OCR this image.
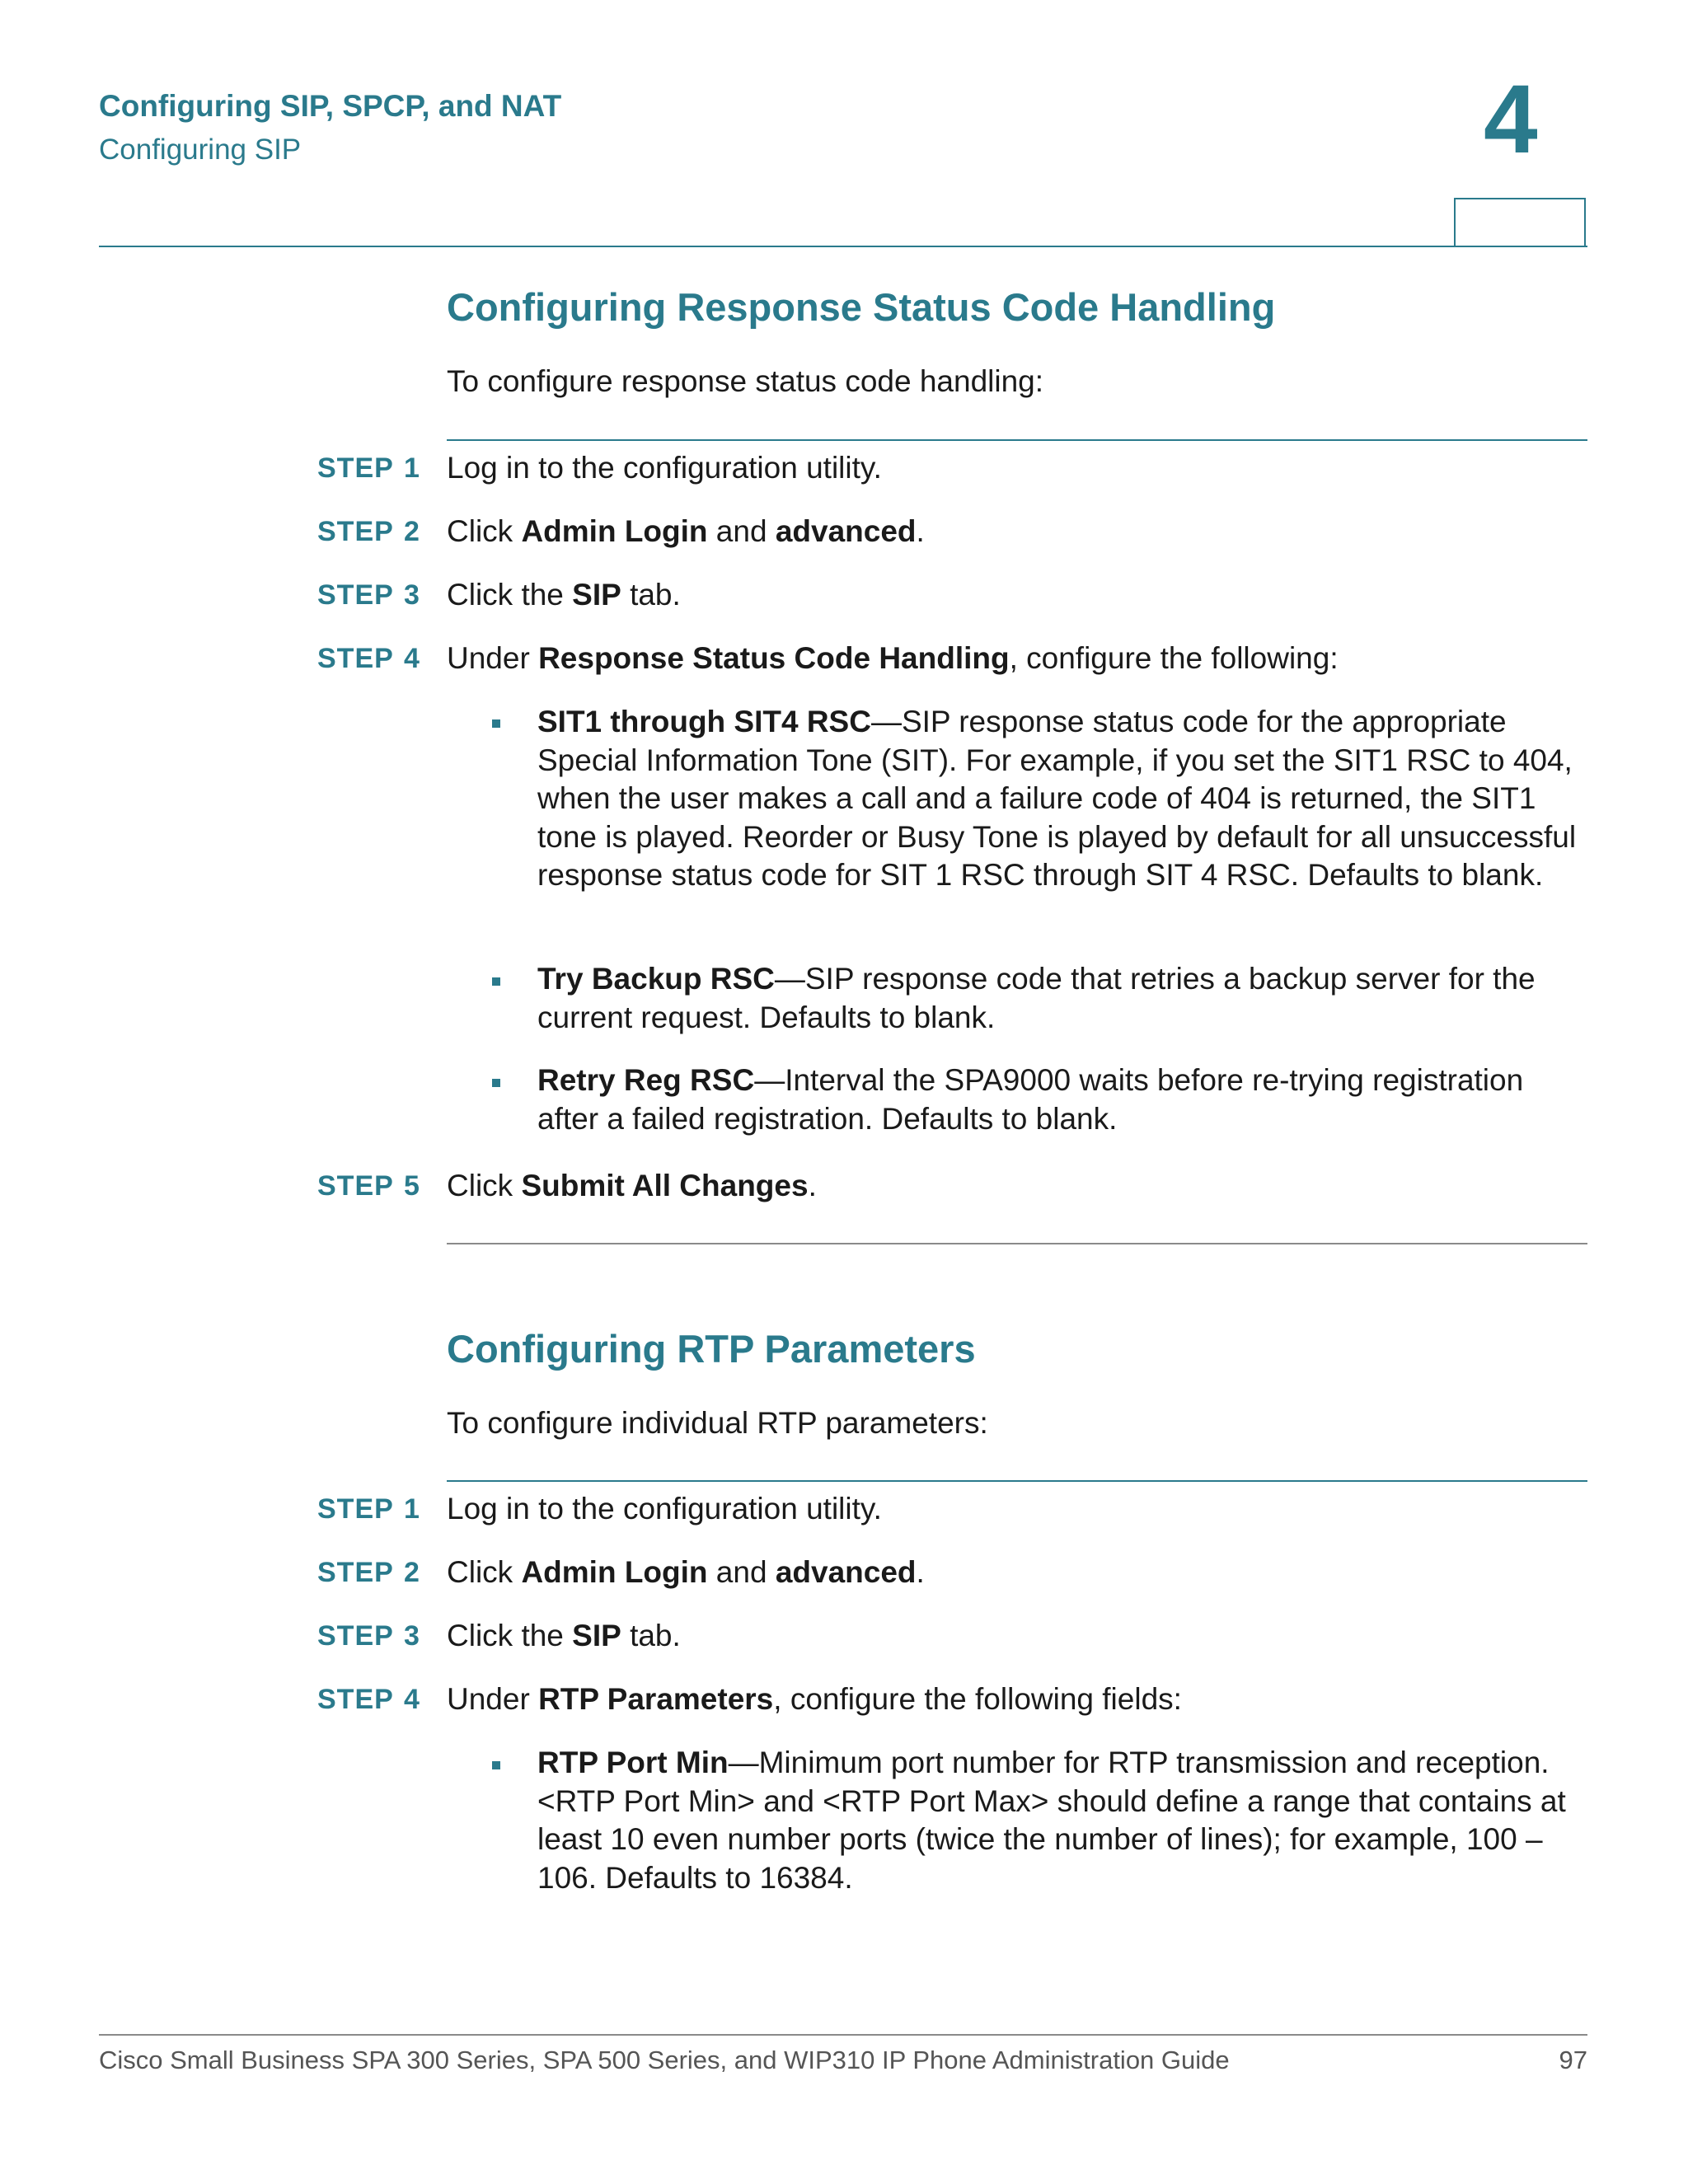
Configuring SIP, SPCP, and NAT
Configuring SIP	4
Configuring Response Status Code Handling
To configure response status code handling:
STEP 1 Log in to the configuration utility.
STEP 2 Click Admin Login and advanced.
STEP 3 Click the SIP tab.
STEP 4 Under Response Status Code Handling, configure the following:
SIT1 through SIT4 RSC—SIP response status code for the appropriate Special Information Tone (SIT). For example, if you set the SIT1 RSC to 404, when the user makes a call and a failure code of 404 is returned, the SIT1 tone is played. Reorder or Busy Tone is played by default for all unsuccessful response status code for SIT 1 RSC through SIT 4 RSC. Defaults to blank.
Try Backup RSC—SIP response code that retries a backup server for the current request. Defaults to blank.
Retry Reg RSC—Interval the SPA9000 waits before re-trying registration after a failed registration. Defaults to blank.
STEP 5 Click Submit All Changes.
Configuring RTP Parameters
To configure individual RTP parameters:
STEP 1 Log in to the configuration utility.
STEP 2 Click Admin Login and advanced.
STEP 3 Click the SIP tab.
STEP 4 Under RTP Parameters, configure the following fields:
RTP Port Min—Minimum port number for RTP transmission and reception. <RTP Port Min> and <RTP Port Max> should define a range that contains at least 10 even number ports (twice the number of lines); for example, 100 – 106. Defaults to 16384.
Cisco Small Business SPA 300 Series, SPA 500 Series, and WIP310 IP Phone Administration Guide	97
